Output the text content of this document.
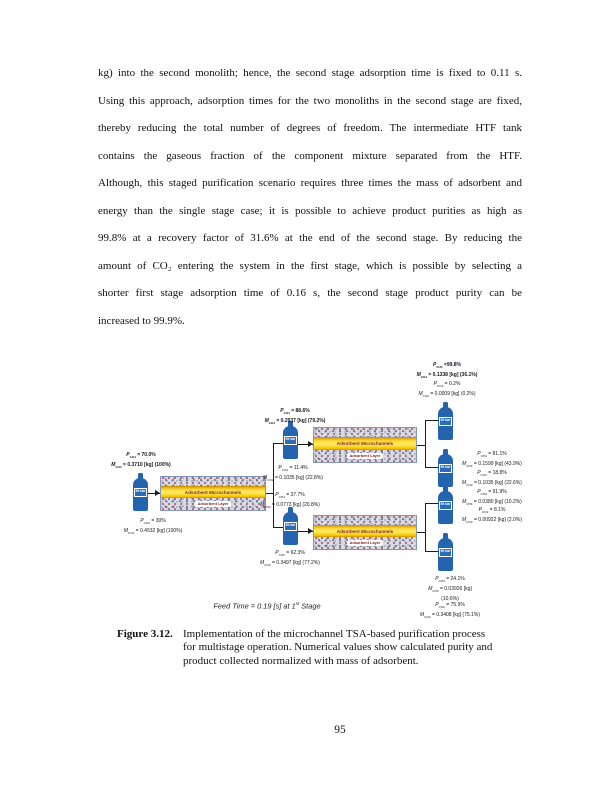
kg) into the second monolith; hence, the second stage adsorption time is fixed to 0.11 s.
Using this approach, adsorption times for the two monoliths in the second stage are fixed,
thereby reducing the total number of degrees of freedom. The intermediate HTF tank
contains the gaseous fraction of the component mixture separated from the HTF.
Although, this staged purification scenario requires three times the mass of adsorbent and
energy than the single stage case; it is possible to achieve product purities as high as
99.8% at a recovery factor of 31.6% at the end of the second stage. By reducing the
amount of CO₂ entering the system in the first stage, which is possible by selecting a
shorter first stage adsorption time of 0.16 s, the second stage product purity can be
increased to 99.9%.
55 bar
55 bar
55 bar
55 bar
55 bar
55 bar
55 bar
Adsorbent Microchannels
Adsorbent Layer
Adsorbent Microchannels
Adsorbent Layer
Adsorbent Microchannels
Adsorbent Layer
$P_{CH4} = 70.0\%$
$M_{CH4} = 0.3710$ [kg] (100%)
$P_{CO2} = 30\%$
$M_{CO2} = 0.4532$ [kg] (100%)
$P_{CH4} = 88.6\%$
$M_{CH4} = 0.2937$ [kg] (79.2%)
$P_{CO2} = 11.4\%$
$M_{CO2} = 0.1035$ [kg] (22.8%)
$P_{CH4} = 37.7\%$
$M_{CH4} = 0.0773$ [kg] (20.8%)
$P_{CO2} = 62.3\%$
$M_{CO2} = 0.3497$ [kg] (77.2%)
$P_{CH4} =99.8\%$
$M_{CH4} = 0.1338$ [kg] (36.1%)
$P_{CO2} = 0.2\%$
$M_{CO2} = 0.0009$ [kg] (0.2%)
$P_{CH4} = 81.1\%$
$M_{CH4} = 0.1599$ [kg] (43.9%)
$P_{CO2} = 18.8\%$
$M_{CO2} = 0.1035$ [kg] (22.6%)
$P_{CH4} = 91.9\%$
$M_{CH4} = 0.0380$ [kg] (10.2%)
$P_{CO2} = 8.1\%$
$M_{CO2} = 0.00922$ [kg] (2.0%)
$P_{CH4} = 24.1\%$
$M_{CH4} = 0.03926$ [kg]
(10.6%)
$P_{CO2} = 75.9\%$
$M_{CO2} = 0.3408$ [kg] (75.1%)
Feed Time = 0.19 [s] at 1st Stage
Figure 3.12. Implementation of the microchannel TSA-based purification process
for multistage operation. Numerical values show calculated purity and
product collected normalized with mass of adsorbent.
95
